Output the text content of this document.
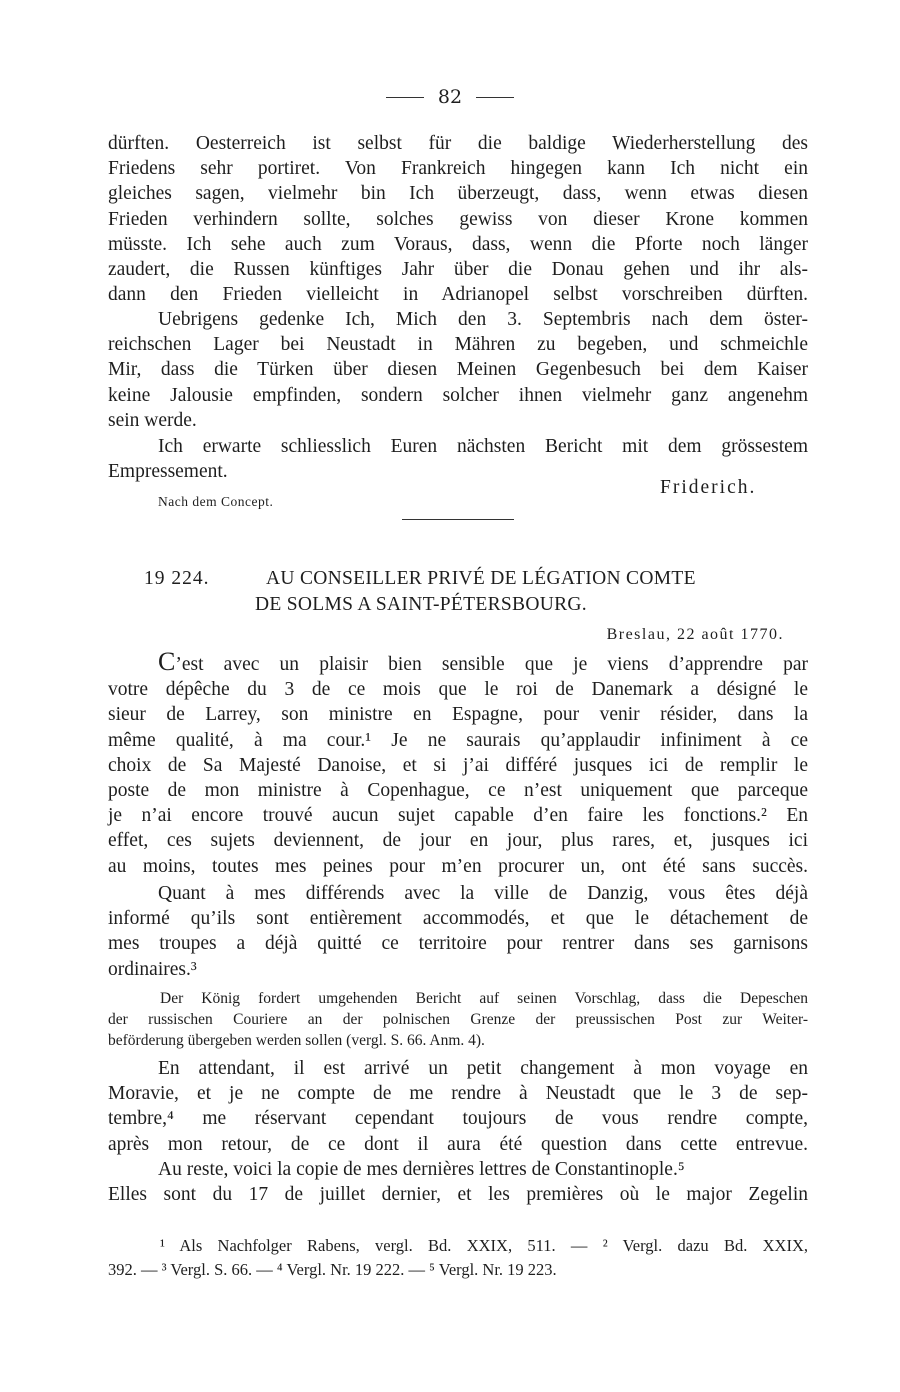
82
dürften. Oesterreich ist selbst für die baldige Wiederherstellung des
Friedens sehr portiret. Von Frankreich hingegen kann Ich nicht ein
gleiches sagen, vielmehr bin Ich überzeugt, dass, wenn etwas diesen
Frieden verhindern sollte, solches gewiss von dieser Krone kommen
müsste. Ich sehe auch zum Voraus, dass, wenn die Pforte noch länger
zaudert, die Russen künftiges Jahr über die Donau gehen und ihr als-
dann den Frieden vielleicht in Adrianopel selbst vorschreiben dürften.
Uebrigens gedenke Ich, Mich den 3. Septembris nach dem öster-
reichschen Lager bei Neustadt in Mähren zu begeben, und schmeichle
Mir, dass die Türken über diesen Meinen Gegenbesuch bei dem Kaiser
keine Jalousie empfinden, sondern solcher ihnen vielmehr ganz angenehm
sein werde.
Ich erwarte schliesslich Euren nächsten Bericht mit dem grössestem
Empressement.
Friderich.
Nach dem Concept.
19 224.	AU CONSEILLER PRIVÉ DE LÉGATION COMTE
DE SOLMS A SAINT-PÉTERSBOURG.
Breslau, 22 août 1770.
C’est avec un plaisir bien sensible que je viens d’apprendre par
votre dépêche du 3 de ce mois que le roi de Danemark a désigné le
sieur de Larrey, son ministre en Espagne, pour venir résider, dans la
même qualité, à ma cour.¹ Je ne saurais qu’applaudir infiniment à ce
choix de Sa Majesté Danoise, et si j’ai différé jusques ici de remplir le
poste de mon ministre à Copenhague, ce n’est uniquement que parceque
je n’ai encore trouvé aucun sujet capable d’en faire les fonctions.² En
effet, ces sujets deviennent, de jour en jour, plus rares, et, jusques ici
au moins, toutes mes peines pour m’en procurer un, ont été sans succès.
Quant à mes différends avec la ville de Danzig, vous êtes déjà
informé qu’ils sont entièrement accommodés, et que le détachement de
mes troupes a déjà quitté ce territoire pour rentrer dans ses garnisons
ordinaires.³
Der König fordert umgehenden Bericht auf seinen Vorschlag, dass die Depeschen
der russischen Couriere an der polnischen Grenze der preussischen Post zur Weiter-
beförderung übergeben werden sollen (vergl. S. 66. Anm. 4).
En attendant, il est arrivé un petit changement à mon voyage en
Moravie, et je ne compte de me rendre à Neustadt que le 3 de sep-
tembre,⁴ me réservant cependant toujours de vous rendre compte,
après mon retour, de ce dont il aura été question dans cette entrevue.
Au reste, voici la copie de mes dernières lettres de Constantinople.⁵
Elles sont du 17 de juillet dernier, et les premières où le major Zegelin
¹ Als Nachfolger Rabens, vergl. Bd. XXIX, 511. — ² Vergl. dazu Bd. XXIX,
392. — ³ Vergl. S. 66. — ⁴ Vergl. Nr. 19 222. — ⁵ Vergl. Nr. 19 223.
